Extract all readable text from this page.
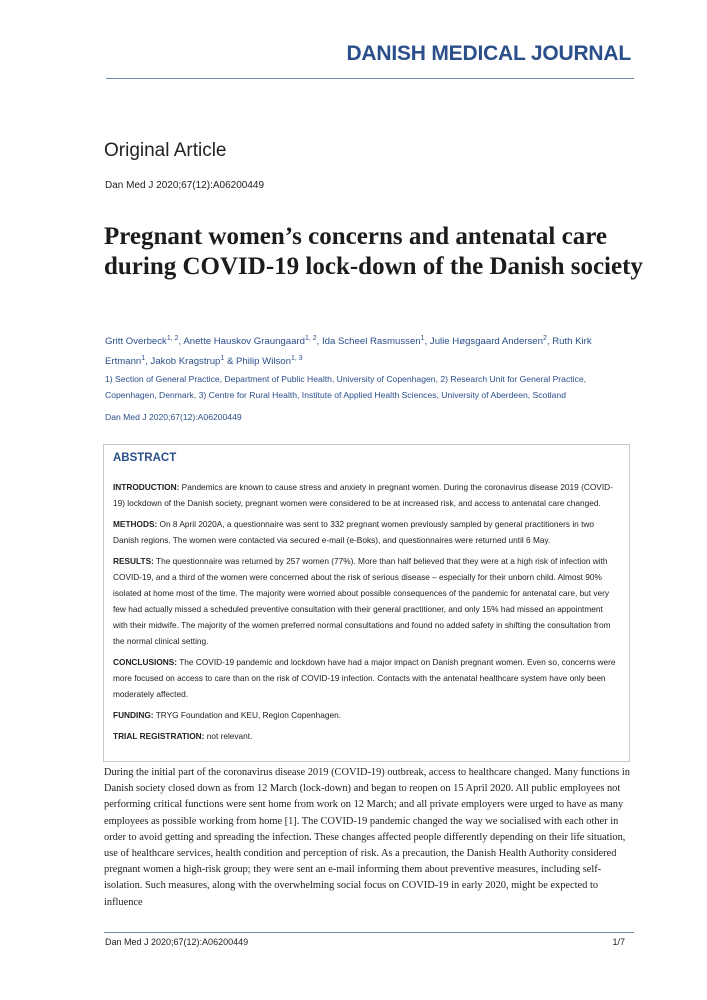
DANISH MEDICAL JOURNAL
Original Article
Dan Med J 2020;67(12):A06200449
Pregnant women’s concerns and antenatal care during COVID-19 lock-down of the Danish society
Gritt Overbeck$^{1, 2}$, Anette Hauskov Graungaard$^{1, 2}$, Ida Scheel Rasmussen$^1$, Julie Høgsgaard Andersen$^2$, Ruth Kirk Ertmann$^1$, Jakob Kragstrup$^1$ & Philip Wilson$^{1, 3}$
1) Section of General Practice, Department of Public Health, University of Copenhagen, 2) Research Unit for General Practice, Copenhagen, Denmark, 3) Centre for Rural Health, Institute of Applied Health Sciences, University of Aberdeen, Scotland
Dan Med J 2020;67(12):A06200449
ABSTRACT

INTRODUCTION: Pandemics are known to cause stress and anxiety in pregnant women. During the coronavirus disease 2019 (COVID-19) lockdown of the Danish society, pregnant women were considered to be at increased risk, and access to antenatal care changed.

METHODS: On 8 April 2020A, a questionnaire was sent to 332 pregnant women previously sampled by general practitioners in two Danish regions. The women were contacted via secured e-mail (e-Boks), and questionnaires were returned until 6 May.

RESULTS: The questionnaire was returned by 257 women (77%). More than half believed that they were at a high risk of infection with COVID-19, and a third of the women were concerned about the risk of serious disease – especially for their unborn child. Almost 90% isolated at home most of the time. The majority were worried about possible consequences of the pandemic for antenatal care, but very few had actually missed a scheduled preventive consultation with their general practitioner, and only 15% had missed an appointment with their midwife. The majority of the women preferred normal consultations and found no added safety in shifting the consultation from the normal clinical setting.

CONCLUSIONS: The COVID-19 pandemic and lockdown have had a major impact on Danish pregnant women. Even so, concerns were more focused on access to care than on the risk of COVID-19 infection. Contacts with the antenatal healthcare system have only been moderately affected.

FUNDING: TRYG Foundation and KEU, Region Copenhagen.

TRIAL REGISTRATION: not relevant.

During the initial part of the coronavirus disease 2019 (COVID-19) outbreak, access to healthcare changed. Many functions in Danish society closed down as from 12 March (lock-down) and began to reopen on 15 April 2020. All public employees not performing critical functions were sent home from work on 12 March; and all private employers were urged to have as many employees as possible working from home [1]. The COVID-19 pandemic changed the way we socialised with each other in order to avoid getting and spreading the infection. These changes affected people differently depending on their life situation, use of healthcare services, health condition and perception of risk. As a precaution, the Danish Health Authority considered pregnant women a high-risk group; they were sent an e-mail informing them about preventive measures, including self-isolation. Such measures, along with the overwhelming social focus on COVID-19 in early 2020, might be expected to influence

Dan Med J 2020;67(12):A06200449	1/7
